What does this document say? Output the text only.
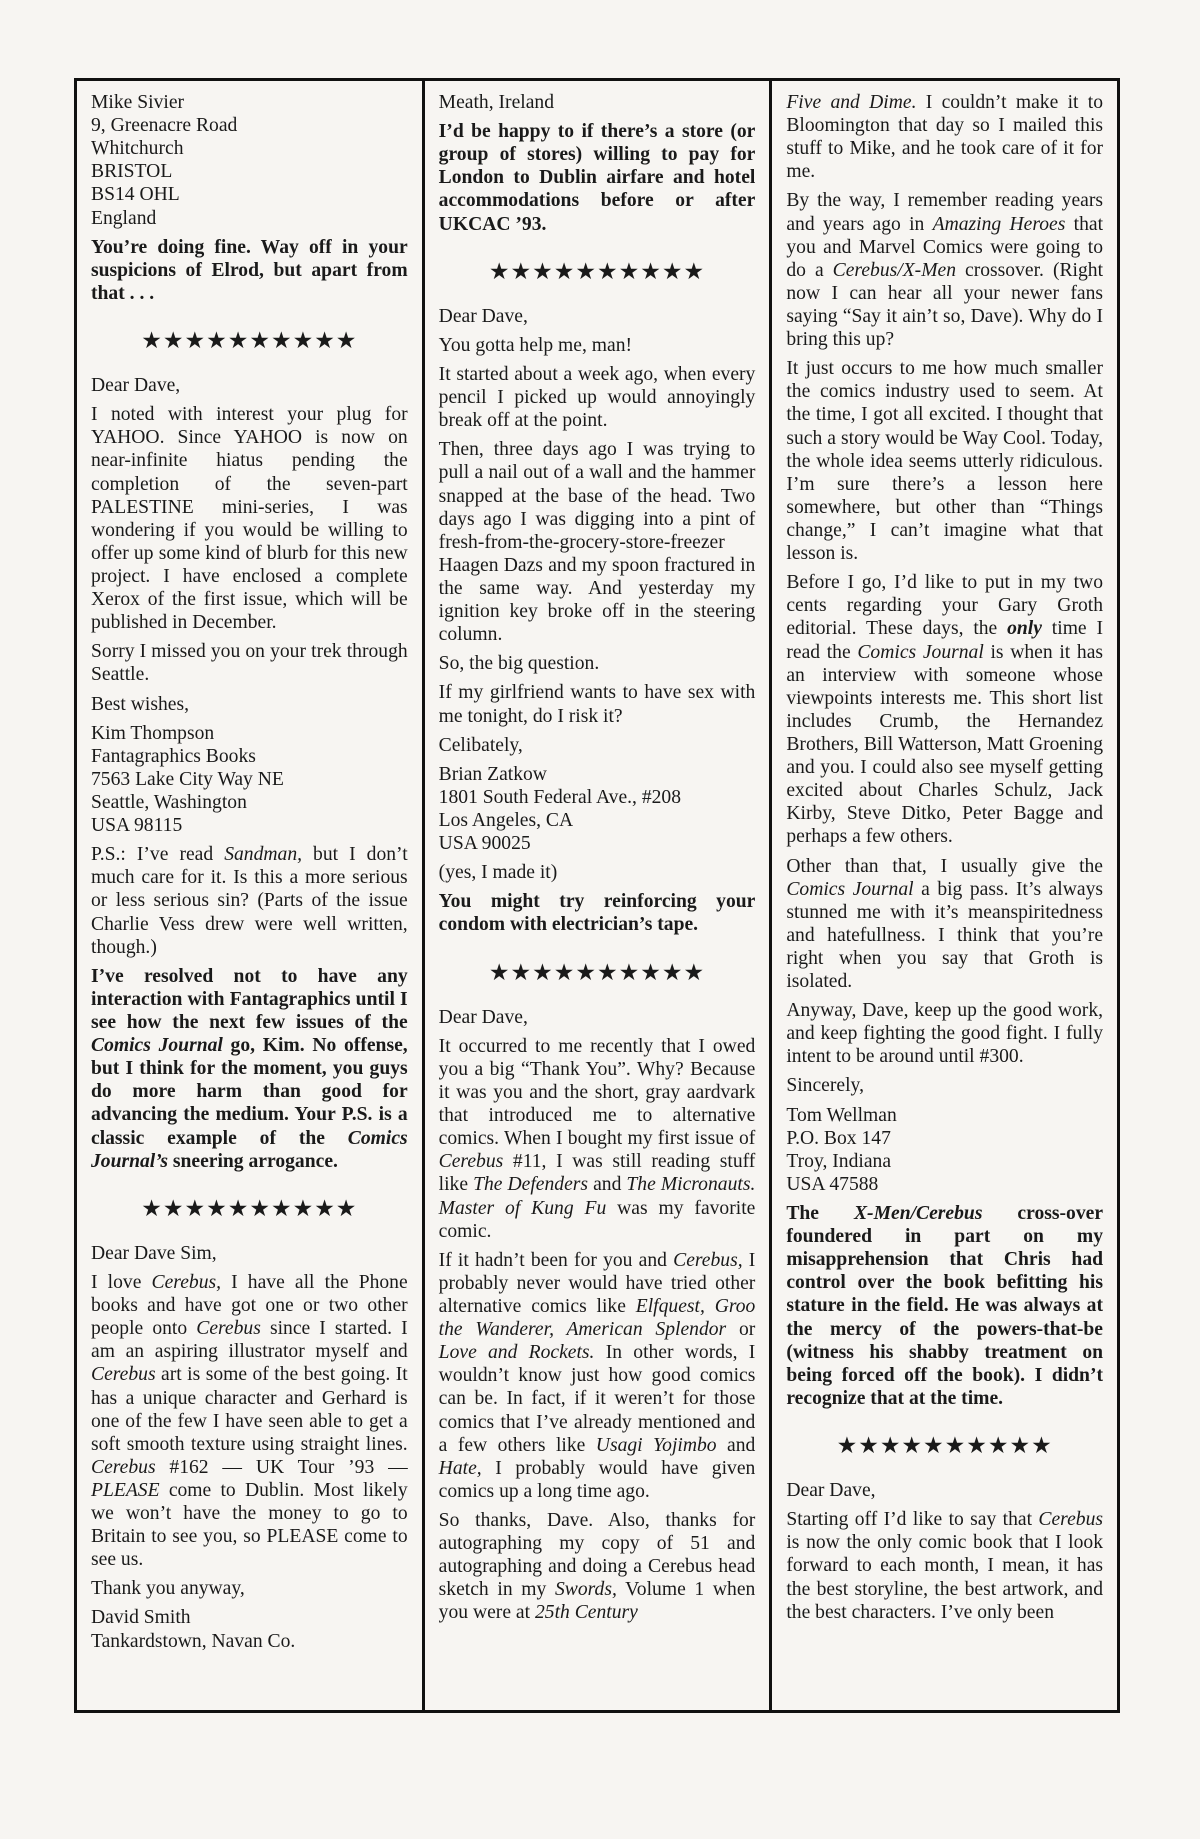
Mike Sivier
9, Greenacre Road
Whitchurch
BRISTOL
BS14 OHL
England

You’re doing fine. Way off in your suspicions of Elrod, but apart from that . . .

★★★★★★★★★★

Dear Dave,

I noted with interest your plug for YAHOO. Since YAHOO is now on near-infinite hiatus pending the completion of the seven-part PALESTINE mini-series, I was wondering if you would be willing to offer up some kind of blurb for this new project. I have enclosed a complete Xerox of the first issue, which will be published in December.

Sorry I missed you on your trek through Seattle.

Best wishes,

Kim Thompson
Fantagraphics Books
7563 Lake City Way NE
Seattle, Washington
USA 98115

P.S.: I’ve read Sandman, but I don’t much care for it. Is this a more serious or less serious sin? (Parts of the issue Charlie Vess drew were well written, though.)

I’ve resolved not to have any interaction with Fantagraphics until I see how the next few issues of the Comics Journal go, Kim. No offense, but I think for the moment, you guys do more harm than good for advancing the medium. Your P.S. is a classic example of the Comics Journal’s sneering arrogance.

★★★★★★★★★★

Dear Dave Sim,

I love Cerebus, I have all the Phone books and have got one or two other people onto Cerebus since I started. I am an aspiring illustrator myself and Cerebus art is some of the best going. It has a unique character and Gerhard is one of the few I have seen able to get a soft smooth texture using straight lines. Cerebus #162 — UK Tour ’93 — PLEASE come to Dublin. Most likely we won’t have the money to go to Britain to see you, so PLEASE come to see us.

Thank you anyway,

David Smith
Tankardstown, Navan Co.
Meath, Ireland

I’d be happy to if there’s a store (or group of stores) willing to pay for London to Dublin airfare and hotel accommodations before or after UKCAC ’93.

★★★★★★★★★★

Dear Dave,

You gotta help me, man!

It started about a week ago, when every pencil I picked up would annoyingly break off at the point.

Then, three days ago I was trying to pull a nail out of a wall and the hammer snapped at the base of the head. Two days ago I was digging into a pint of fresh-from-the-grocery-store-freezer Haagen Dazs and my spoon fractured in the same way. And yesterday my ignition key broke off in the steering column.

So, the big question.

If my girlfriend wants to have sex with me tonight, do I risk it?

Celibately,

Brian Zatkow
1801 South Federal Ave., #208
Los Angeles, CA
USA 90025

(yes, I made it)

You might try reinforcing your condom with electrician’s tape.

★★★★★★★★★★

Dear Dave,

It occurred to me recently that I owed you a big “Thank You”. Why? Because it was you and the short, gray aardvark that introduced me to alternative comics. When I bought my first issue of Cerebus #11, I was still reading stuff like The Defenders and The Micronauts. Master of Kung Fu was my favorite comic.

If it hadn’t been for you and Cerebus, I probably never would have tried other alternative comics like Elfquest, Groo the Wanderer, American Splendor or Love and Rockets. In other words, I wouldn’t know just how good comics can be. In fact, if it weren’t for those comics that I’ve already mentioned and a few others like Usagi Yojimbo and Hate, I probably would have given comics up a long time ago.

So thanks, Dave. Also, thanks for autographing my copy of 51 and autographing and doing a Cerebus head sketch in my Swords, Volume 1 when you were at 25th Century

Five and Dime. I couldn’t make it to Bloomington that day so I mailed this stuff to Mike, and he took care of it for me.

By the way, I remember reading years and years ago in Amazing Heroes that you and Marvel Comics were going to do a Cerebus/X-Men crossover. (Right now I can hear all your newer fans saying “Say it ain’t so, Dave). Why do I bring this up?

It just occurs to me how much smaller the comics industry used to seem. At the time, I got all excited. I thought that such a story would be Way Cool. Today, the whole idea seems utterly ridiculous. I’m sure there’s a lesson here somewhere, but other than “Things change,” I can’t imagine what that lesson is.

Before I go, I’d like to put in my two cents regarding your Gary Groth editorial. These days, the only time I read the Comics Journal is when it has an interview with someone whose viewpoints interests me. This short list includes Crumb, the Hernandez Brothers, Bill Watterson, Matt Groening and you. I could also see myself getting excited about Charles Schulz, Jack Kirby, Steve Ditko, Peter Bagge and perhaps a few others.

Other than that, I usually give the Comics Journal a big pass. It’s always stunned me with it’s meanspiritedness and hatefullness. I think that you’re right when you say that Groth is isolated.

Anyway, Dave, keep up the good work, and keep fighting the good fight. I fully intent to be around until #300.

Sincerely,

Tom Wellman
P.O. Box 147
Troy, Indiana
USA 47588

The X-Men/Cerebus cross-over foundered in part on my misapprehension that Chris had control over the book befitting his stature in the field. He was always at the mercy of the powers-that-be (witness his shabby treatment on being forced off the book). I didn’t recognize that at the time.

★★★★★★★★★★

Dear Dave,

Starting off I’d like to say that Cerebus is now the only comic book that I look forward to each month, I mean, it has the best storyline, the best artwork, and the best characters. I’ve only been
